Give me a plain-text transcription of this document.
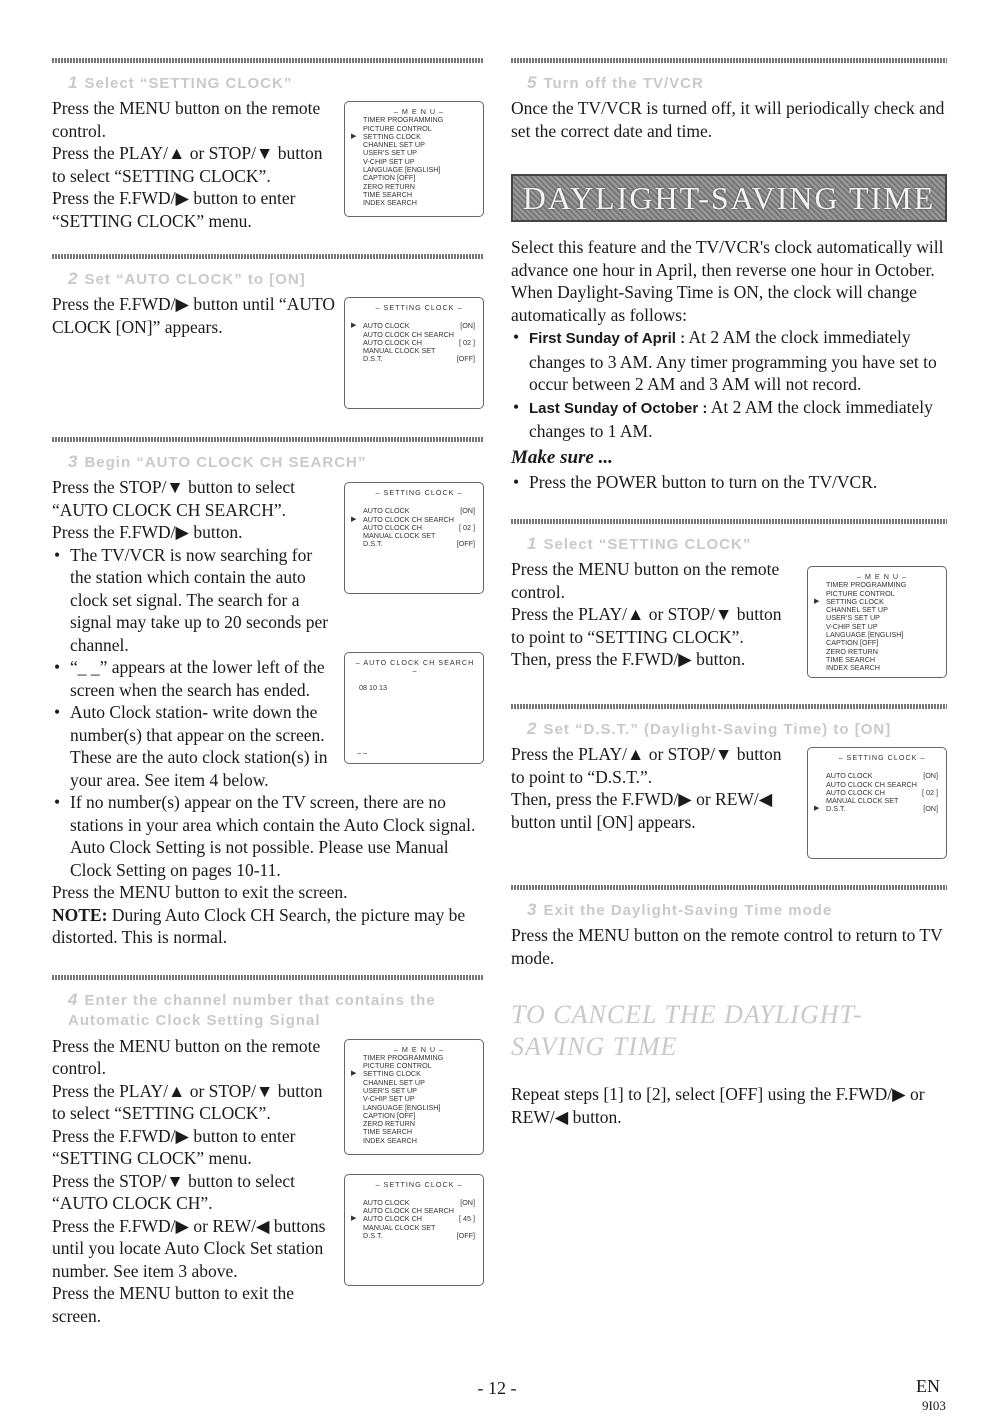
1 Select “SETTING CLOCK”
– M E N U –
TIMER PROGRAMMING
PICTURE CONTROL
▶ SETTING CLOCK
CHANNEL SET UP
USER'S SET UP
V-CHIP SET UP
LANGUAGE [ENGLISH]
CAPTION [OFF]
ZERO RETURN
TIME SEARCH
INDEX SEARCH

Press the MENU button on the remote control.

Press the PLAY/▲ or STOP/▼ button to select “SETTING CLOCK”.

Press the F.FWD/▶ button to enter “SETTING CLOCK” menu.

2 Set “AUTO CLOCK” to [ON]
– SETTING CLOCK –
▶ AUTO CLOCK	[ON]
AUTO CLOCK CH SEARCH
AUTO CLOCK CH	[ 02 ]
MANUAL CLOCK SET
D.S.T.	[OFF]

Press the F.FWD/▶ button until “AUTO CLOCK [ON]” appears.

3 Begin “AUTO CLOCK CH SEARCH”
– SETTING CLOCK –
AUTO CLOCK	[ON]
▶ AUTO CLOCK CH SEARCH
AUTO CLOCK CH	[ 02 ]
MANUAL CLOCK SET
D.S.T.	[OFF]

Press the STOP/▼ button to select “AUTO CLOCK CH SEARCH”.

Press the F.FWD/▶ button.

– AUTO CLOCK CH SEARCH –
08 10 13
– –
• The TV/VCR is now searching for the station which contain the auto clock set signal. The search for a signal may take up to 20 seconds per channel.
• “_ _” appears at the lower left of the screen when the search has ended.
• Auto Clock station- write down the number(s) that appear on the screen. These are the auto clock station(s) in your area. See item 4 below.
• If no number(s) appear on the TV screen, there are no stations in your area which contain the Auto Clock signal. Auto Clock Setting is not possible. Please use Manual Clock Setting on pages 10-11.

Press the MENU button to exit the screen.

NOTE: During Auto Clock CH Search, the picture may be distorted. This is normal.

4 Enter the channel number that contains the Automatic Clock Setting Signal
– M E N U –
TIMER PROGRAMMING
PICTURE CONTROL
▶ SETTING CLOCK
CHANNEL SET UP
USER'S SET UP
V-CHIP SET UP
LANGUAGE [ENGLISH]
CAPTION [OFF]
ZERO RETURN
TIME SEARCH
INDEX SEARCH

Press the MENU button on the remote control.

Press the PLAY/▲ or STOP/▼ button to select “SETTING CLOCK”.

Press the F.FWD/▶ button to enter “SETTING CLOCK” menu.

– SETTING CLOCK –
AUTO CLOCK	[ON]
AUTO CLOCK CH SEARCH
▶ AUTO CLOCK CH	[ 45 ]
MANUAL CLOCK SET
D.S.T.	[OFF]

Press the STOP/▼ button to select “AUTO CLOCK CH”.

Press the F.FWD/▶ or REW/◀ buttons until you locate Auto Clock Set station number. See item 3 above.

Press the MENU button to exit the screen.

5 Turn off the TV/VCR

Once the TV/VCR is turned off, it will periodically check and set the correct date and time.

DAYLIGHT-SAVING TIME

Select this feature and the TV/VCR's clock automatically will advance one hour in April, then reverse one hour in October.

When Daylight-Saving Time is ON, the clock will change automatically as follows:

• First Sunday of April : At 2 AM the clock immediately changes to 3 AM. Any timer programming you have set to occur between 2 AM and 3 AM will not record.
• Last Sunday of October : At 2 AM the clock immediately changes to 1 AM.
Make sure ...
• Press the POWER button to turn on the TV/VCR.
1 Select “SETTING CLOCK”
– M E N U –
TIMER PROGRAMMING
PICTURE CONTROL
▶ SETTING CLOCK
CHANNEL SET UP
USER'S SET UP
V-CHIP SET UP
LANGUAGE [ENGLISH]
CAPTION [OFF]
ZERO RETURN
TIME SEARCH
INDEX SEARCH

Press the MENU button on the remote control.

Press the PLAY/▲ or STOP/▼ button to point to “SETTING CLOCK”.

Then, press the F.FWD/▶ button.

2 Set “D.S.T.” (Daylight-Saving Time) to [ON]
– SETTING CLOCK –
AUTO CLOCK	[ON]
AUTO CLOCK CH SEARCH
AUTO CLOCK CH	[ 02 ]
MANUAL CLOCK SET
▶ D.S.T.	[ON]

Press the PLAY/▲ or STOP/▼ button to point to “D.S.T.”.

Then, press the F.FWD/▶ or REW/◀ button until [ON] appears.

3 Exit the Daylight-Saving Time mode

Press the MENU button on the remote control to return to TV mode.

TO CANCEL THE DAYLIGHT-SAVING TIME

Repeat steps [1] to [2], select [OFF] using the F.FWD/▶ or REW/◀ button.

- 12 -	EN
9I03
